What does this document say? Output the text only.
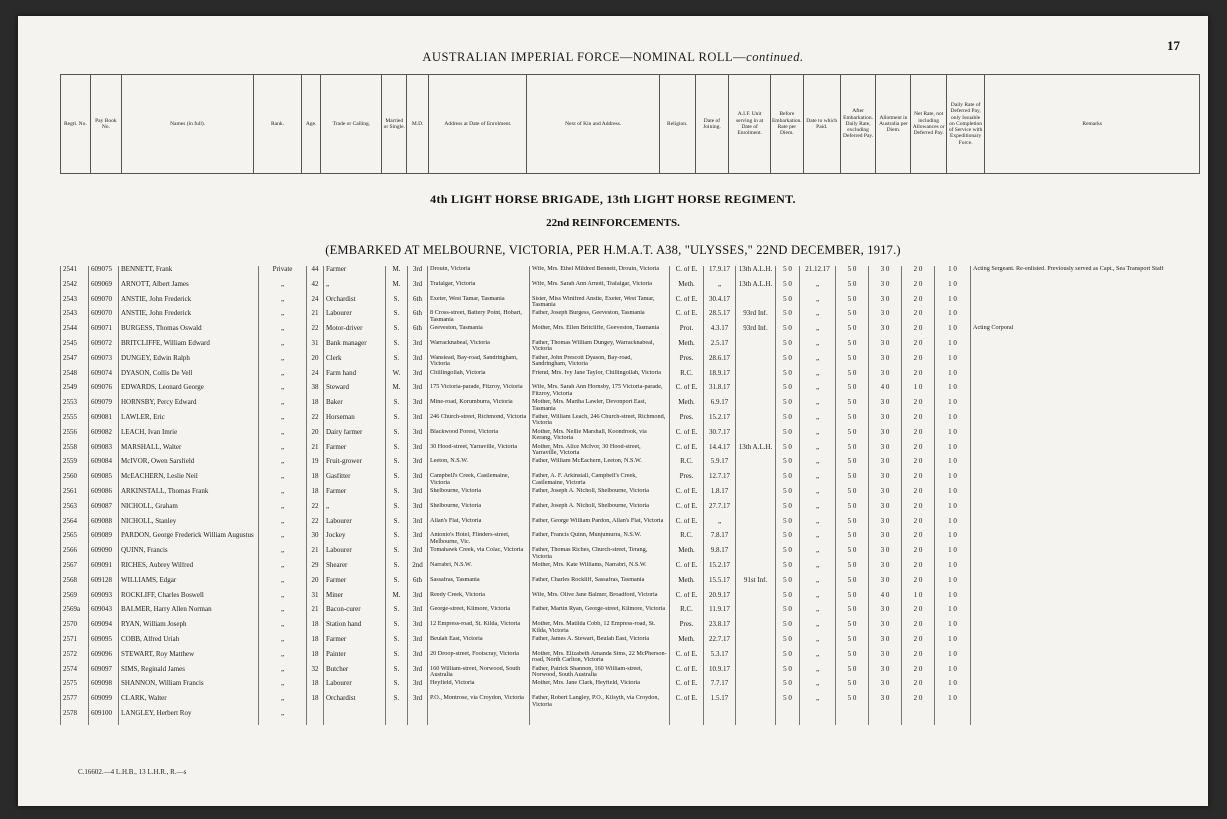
17
AUSTRALIAN IMPERIAL FORCE—NOMINAL ROLL—continued.
Regtl. No.	Pay Book No.	Names (in full).	Rank.	Age.	Trade or Calling.	Married or Single.	M.D.	Address at Date of Enrolment.	Next of Kin and Address.	Religion.	Date of Joining.	A.I.F. Unit serving in at Date of Enrolment.	Before Embarkation. Rate per Diem.	Date to which Paid.	After Embarkation. Daily Rate, excluding Deferred Pay.	Allotment in Australia per Diem.	Net Rate, not including Allowances or Deferred Pay.	Daily Rate of Deferred Pay, only Issuable on Completion of Service with Expeditionary Force.	Remarks
4th LIGHT HORSE BRIGADE, 13th LIGHT HORSE REGIMENT.
22nd REINFORCEMENTS.
(EMBARKED AT MELBOURNE, VICTORIA, PER H.M.A.T. A38, "ULYSSES," 22ND DECEMBER, 1917.)
2541	609075	BENNETT, Frank	Private	44	Farmer	M.	3rd	Drouin, Victoria	Wife, Mrs. Ethel Mildred Bennett, Drouin, Victoria	C. of E.	17.9.17	13th A.L.H.	5 0	21.12.17	5 0	3 0	2 0	1 0	Acting Sergeant. Re-enlisted. Previously served as Capt., Sea Transport Staff
2542	609069	ARNOTT, Albert James	„	42	„	M.	3rd	Trafalgar, Victoria	Wife, Mrs. Sarah Ann Arnott, Trafalgar, Victoria	Meth.	„	13th A.L.H.	5 0	„	5 0	3 0	2 0	1 0	
2543	609070	ANSTIE, John Frederick	„	24	Orchardist	S.	6th	Exeter, West Tamar, Tasmania	Sister, Miss Winifred Anstie, Exeter, West Tamar, Tasmania	C. of E.	30.4.17		5 0	„	5 0	3 0	2 0	1 0	
2543	609070	ANSTIE, John Frederick	„	21	Labourer	S.	6th	8 Cross-street, Battery Point, Hobart, Tasmania	Father, Joseph Burgess, Geeveston, Tasmania	C. of E.	28.5.17	93rd Inf.	5 0	„	5 0	3 0	2 0	1 0	
2544	609071	BURGESS, Thomas Oswald	„	22	Motor-driver	S.	6th	Geeveston, Tasmania	Mother, Mrs. Ellen Britcliffe, Geeveston, Tasmania	Prot.	4.3.17	93rd Inf.	5 0	„	5 0	3 0	2 0	1 0	Acting Corporal
2545	609072	BRITCLIFFE, William Edward	„	31	Bank manager	S.	3rd	Warracknabeal, Victoria	Father, Thomas William Dungey, Warracknabeal, Victoria	Meth.	2.5.17		5 0	„	5 0	3 0	2 0	1 0	
2547	609073	DUNGEY, Edwin Ralph	„	20	Clerk	S.	3rd	Wanstead, Bay-road, Sandringham, Victoria	Father, John Prescott Dyason, Bay-road, Sandringham, Victoria	Pres.	28.6.17		5 0	„	5 0	3 0	2 0	1 0	
2548	609074	DYASON, Collis De Vell	„	24	Farm hand	W.	3rd	Chillingollah, Victoria	Friend, Mrs. Ivy Jane Taylor, Chillingollah, Victoria	R.C.	18.9.17		5 0	„	5 0	3 0	2 0	1 0	
2549	609076	EDWARDS, Leonard George	„	38	Steward	M.	3rd	175 Victoria-parade, Fitzroy, Victoria	Wife, Mrs. Sarah Ann Hornsby, 175 Victoria-parade, Fitzroy, Victoria	C. of E.	31.8.17		5 0	„	5 0	4 0	1 0	1 0	
2553	609079	HORNSBY, Percy Edward	„	18	Baker	S.	3rd	Mine-road, Korumburra, Victoria	Mother, Mrs. Martha Lawler, Devonport East, Tasmania	Meth.	6.9.17		5 0	„	5 0	3 0	2 0	1 0	
2555	609081	LAWLER, Eric	„	22	Horseman	S.	3rd	246 Church-street, Richmond, Victoria	Father, William Leach, 246 Church-street, Richmond, Victoria	Pres.	15.2.17		5 0	„	5 0	3 0	2 0	1 0	
2556	609082	LEACH, Ivan Imrie	„	20	Dairy farmer	S.	3rd	Blackwood Forest, Victoria	Mother, Mrs. Nellie Marshall, Koondrook, via Kerang, Victoria	C. of E.	30.7.17		5 0	„	5 0	3 0	2 0	1 0	
2558	609083	MARSHALL, Walter	„	21	Farmer	S.	3rd	30 Hood-street, Yarraville, Victoria	Mother, Mrs. Alice McIvor, 30 Hood-street, Yarraville, Victoria	C. of E.	14.4.17	13th A.L.H.	5 0	„	5 0	3 0	2 0	1 0	
2559	609084	McIVOR, Owen Sarsfield	„	19	Fruit-grower	S.	3rd	Leeton, N.S.W.	Father, William McEachern, Leeton, N.S.W.	R.C.	5.9.17		5 0	„	5 0	3 0	2 0	1 0	
2560	609085	McEACHERN, Leslie Neil	„	18	Gasfitter	S.	3rd	Campbell's Creek, Castlemaine, Victoria	Father, A. F. Arkinstall, Campbell's Creek, Castlemaine, Victoria	Pres.	12.7.17		5 0	„	5 0	3 0	2 0	1 0	
2561	609086	ARKINSTALL, Thomas Frank	„	18	Farmer	S.	3rd	Shelbourne, Victoria	Father, Joseph A. Nicholl, Shelbourne, Victoria	C. of E.	1.8.17		5 0	„	5 0	3 0	2 0	1 0	
2563	609087	NICHOLL, Graham	„	22	„	S.	3rd	Shelbourne, Victoria	Father, Joseph A. Nicholl, Shelbourne, Victoria	C. of E.	27.7.17		5 0	„	5 0	3 0	2 0	1 0	
2564	609088	NICHOLL, Stanley	„	22	Labourer	S.	3rd	Allan's Flat, Victoria	Father, George William Pardon, Allan's Flat, Victoria	C. of E.	„		5 0	„	5 0	3 0	2 0	1 0	
2565	609089	PARDON, George Frederick William Augustus	„	30	Jockey	S.	3rd	Antonio's Hotel, Flinders-street, Melbourne, Vic.	Father, Francis Quinn, Munjumurra, N.S.W.	R.C.	7.8.17		5 0	„	5 0	3 0	2 0	1 0	
2566	609090	QUINN, Francis	„	21	Labourer	S.	3rd	Tomahawk Creek, via Colac, Victoria	Father, Thomas Riches, Church-street, Terang, Victoria	Meth.	9.8.17		5 0	„	5 0	3 0	2 0	1 0	
2567	609091	RICHES, Aubrey Wilfred	„	29	Shearer	S.	2nd	Narrabri, N.S.W.	Mother, Mrs. Kate Williams, Narrabri, N.S.W.	C. of E.	15.2.17		5 0	„	5 0	3 0	2 0	1 0	
2568	609128	WILLIAMS, Edgar	„	20	Farmer	S.	6th	Sassafras, Tasmania	Father, Charles Rockliff, Sassafras, Tasmania	Meth.	15.5.17	91st Inf.	5 0	„	5 0	3 0	2 0	1 0	
2569	609093	ROCKLIFF, Charles Boswell	„	31	Miner	M.	3rd	Reedy Creek, Victoria	Wife, Mrs. Olive Jane Balmer, Broadford, Victoria	C. of E.	20.9.17		5 0	„	5 0	4 0	1 0	1 0	
2569a	609043	BALMER, Harry Allen Norman	„	21	Bacon-curer	S.	3rd	George-street, Kilmore, Victoria	Father, Martin Ryan, George-street, Kilmore, Victoria	R.C.	11.9.17		5 0	„	5 0	3 0	2 0	1 0	
2570	609094	RYAN, William Joseph	„	18	Station hand	S.	3rd	12 Empress-road, St. Kilda, Victoria	Mother, Mrs. Matilda Cobb, 12 Empress-road, St. Kilda, Victoria	Pres.	23.8.17		5 0	„	5 0	3 0	2 0	1 0	
2571	609095	COBB, Alfred Uriah	„	18	Farmer	S.	3rd	Beulah East, Victoria	Father, James A. Stewart, Beulah East, Victoria	Meth.	22.7.17		5 0	„	5 0	3 0	2 0	1 0	
2572	609096	STEWART, Roy Matthew	„	18	Painter	S.	3rd	20 Droop-street, Footscray, Victoria	Mother, Mrs. Elizabeth Amanda Sims, 22 McPherson-road, North Carlton, Victoria	C. of E.	5.3.17		5 0	„	5 0	3 0	2 0	1 0	
2574	609097	SIMS, Reginald James	„	32	Butcher	S.	3rd	160 William-street, Norwood, South Australia	Father, Patrick Shannon, 160 William-street, Norwood, South Australia	C. of E.	10.9.17		5 0	„	5 0	3 0	2 0	1 0	
2575	609098	SHANNON, William Francis	„	18	Labourer	S.	3rd	Heyfield, Victoria	Mother, Mrs. Jane Clark, Heyfield, Victoria	C. of E.	7.7.17		5 0	„	5 0	3 0	2 0	1 0	
2577	609099	CLARK, Walter	„	18	Orchardist	S.	3rd	P.O., Montrose, via Croydon, Victoria	Father, Robert Langley, P.O., Kilsyth, via Croydon, Victoria	C. of E.	1.5.17		5 0	„	5 0	3 0	2 0	1 0	
2578	609100	LANGLEY, Herbert Roy	„																
C.16602.—4 L.H.B., 13 L.H.R., R.—s
